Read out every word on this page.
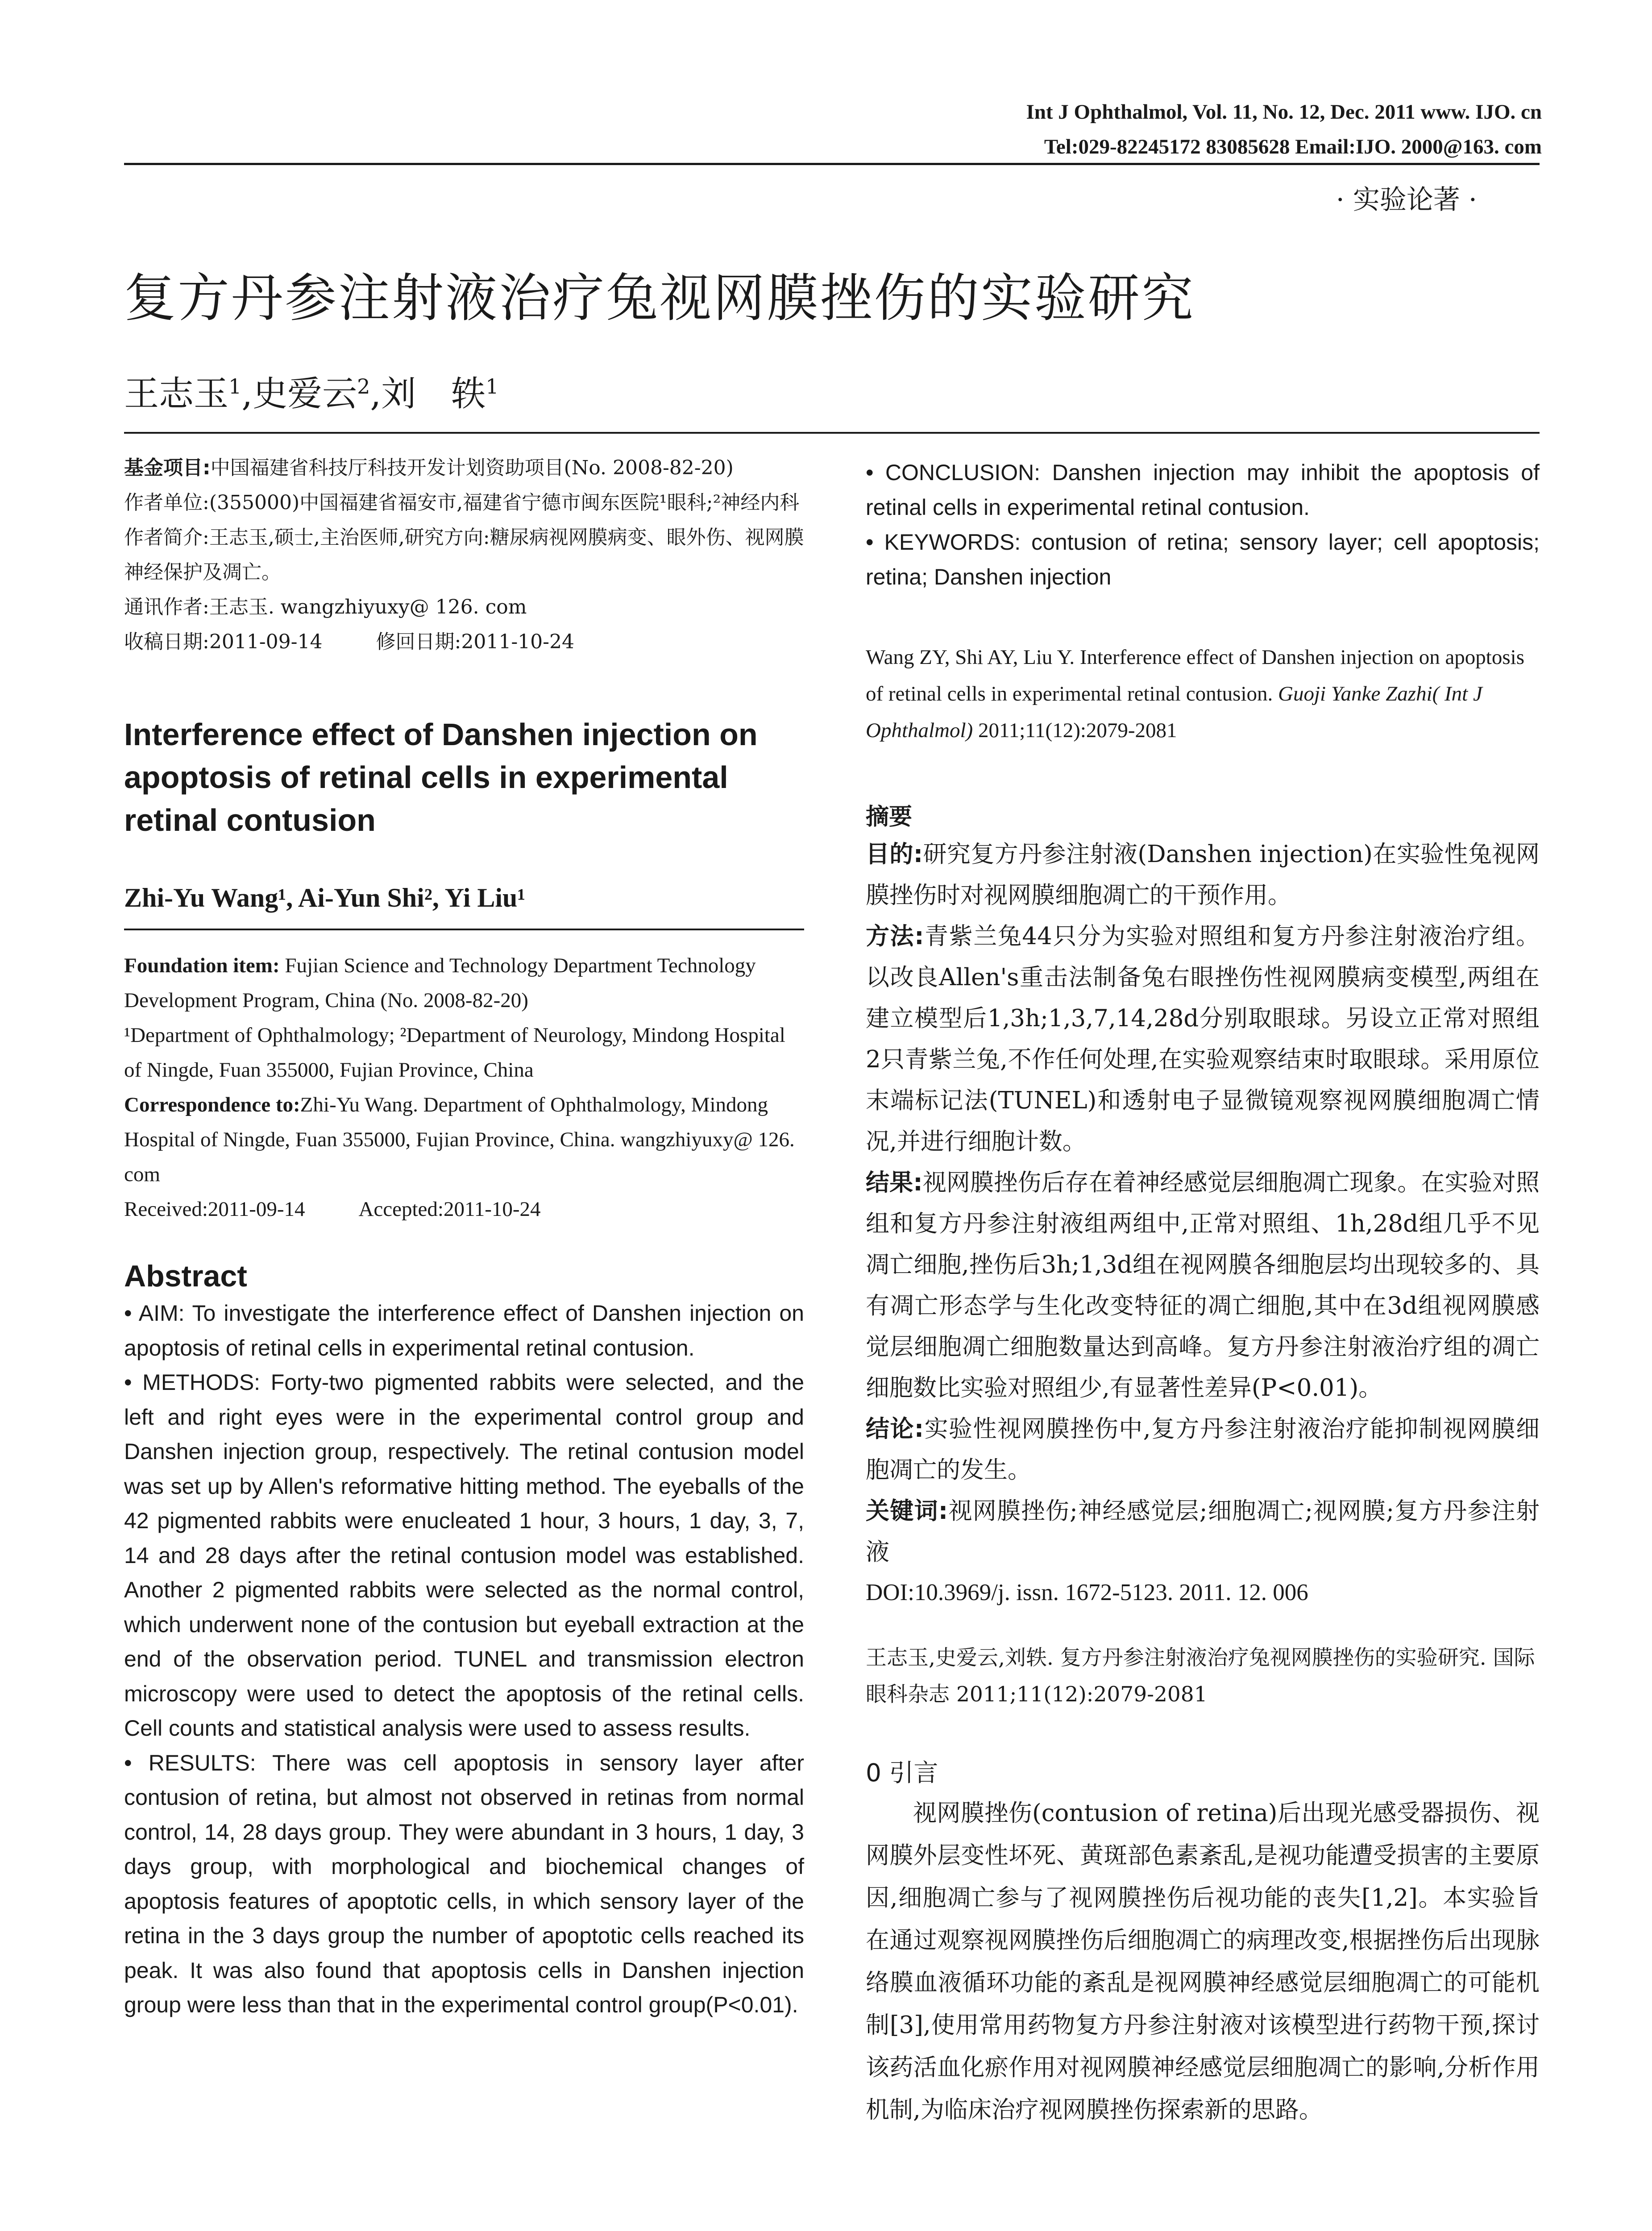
Int J Ophthalmol, Vol. 11, No. 12, Dec. 2011 www. IJO. cn
Tel:029-82245172 83085628 Email:IJO. 2000@163. com
· 实验论著 ·
复方丹参注射液治疗兔视网膜挫伤的实验研究
王志玉$^1$,史爱云$^2$,刘　轶$^1$

基金项目:中国福建省科技厅科技开发计划资助项目(No. 2008-82-20)

作者单位:(355000)中国福建省福安市,福建省宁德市闽东医院¹眼科;²神经内科

作者简介:王志玉,硕士,主治医师,研究方向:糖尿病视网膜病变、眼外伤、视网膜神经保护及凋亡。

通讯作者:王志玉. wangzhiyuxy@ 126. com

收稿日期:2011-09-14	修回日期:2011-10-24

Interference effect of Danshen injection on apoptosis of retinal cells in experimental retinal contusion
Zhi-Yu Wang¹, Ai-Yun Shi², Yi Liu¹

Foundation item: Fujian Science and Technology Department Technology Development Program, China (No. 2008-82-20)

¹Department of Ophthalmology; ²Department of Neurology, Mindong Hospital of Ningde, Fuan 355000, Fujian Province, China

Correspondence to:Zhi-Yu Wang. Department of Ophthalmology, Mindong Hospital of Ningde, Fuan 355000, Fujian Province, China. wangzhiyuxy@ 126. com

Received:2011-09-14	Accepted:2011-10-24

Abstract

• AIM: To investigate the interference effect of Danshen injection on apoptosis of retinal cells in experimental retinal contusion.

• METHODS: Forty-two pigmented rabbits were selected, and the left and right eyes were in the experimental control group and Danshen injection group, respectively. The retinal contusion model was set up by Allen's reformative hitting method. The eyeballs of the 42 pigmented rabbits were enucleated 1 hour, 3 hours, 1 day, 3, 7, 14 and 28 days after the retinal contusion model was established. Another 2 pigmented rabbits were selected as the normal control, which underwent none of the contusion but eyeball extraction at the end of the observation period. TUNEL and transmission electron microscopy were used to detect the apoptosis of the retinal cells. Cell counts and statistical analysis were used to assess results.

• RESULTS: There was cell apoptosis in sensory layer after contusion of retina, but almost not observed in retinas from normal control, 14, 28 days group. They were abundant in 3 hours, 1 day, 3 days group, with morphological and biochemical changes of apoptosis features of apoptotic cells, in which sensory layer of the retina in the 3 days group the number of apoptotic cells reached its peak. It was also found that apoptosis cells in Danshen injection group were less than that in the experimental control group(P<0.01).

• CONCLUSION: Danshen injection may inhibit the apoptosis of retinal cells in experimental retinal contusion.

• KEYWORDS: contusion of retina; sensory layer; cell apoptosis; retina; Danshen injection

Wang ZY, Shi AY, Liu Y. Interference effect of Danshen injection on apoptosis of retinal cells in experimental retinal contusion. Guoji Yanke Zazhi( Int J Ophthalmol) 2011;11(12):2079-2081

摘要

目的:研究复方丹参注射液(Danshen injection)在实验性兔视网膜挫伤时对视网膜细胞凋亡的干预作用。

方法:青紫兰兔44只分为实验对照组和复方丹参注射液治疗组。以改良Allen's重击法制备兔右眼挫伤性视网膜病变模型,两组在建立模型后1,3h;1,3,7,14,28d分别取眼球。另设立正常对照组2只青紫兰兔,不作任何处理,在实验观察结束时取眼球。采用原位末端标记法(TUNEL)和透射电子显微镜观察视网膜细胞凋亡情况,并进行细胞计数。

结果:视网膜挫伤后存在着神经感觉层细胞凋亡现象。在实验对照组和复方丹参注射液组两组中,正常对照组、1h,28d组几乎不见凋亡细胞,挫伤后3h;1,3d组在视网膜各细胞层均出现较多的、具有凋亡形态学与生化改变特征的凋亡细胞,其中在3d组视网膜感觉层细胞凋亡细胞数量达到高峰。复方丹参注射液治疗组的凋亡细胞数比实验对照组少,有显著性差异(P<0.01)。

结论:实验性视网膜挫伤中,复方丹参注射液治疗能抑制视网膜细胞凋亡的发生。

关键词:视网膜挫伤;神经感觉层;细胞凋亡;视网膜;复方丹参注射液

DOI:10.3969/j. issn. 1672-5123. 2011. 12. 006

王志玉,史爱云,刘轶. 复方丹参注射液治疗兔视网膜挫伤的实验研究. 国际眼科杂志 2011;11(12):2079-2081

0 引言

视网膜挫伤(contusion of retina)后出现光感受器损伤、视网膜外层变性坏死、黄斑部色素紊乱,是视功能遭受损害的主要原因,细胞凋亡参与了视网膜挫伤后视功能的丧失[1,2]。本实验旨在通过观察视网膜挫伤后细胞凋亡的病理改变,根据挫伤后出现脉络膜血液循环功能的紊乱是视网膜神经感觉层细胞凋亡的可能机制[3],使用常用药物复方丹参注射液对该模型进行药物干预,探讨该药活血化瘀作用对视网膜神经感觉层细胞凋亡的影响,分析作用机制,为临床治疗视网膜挫伤探索新的思路。
